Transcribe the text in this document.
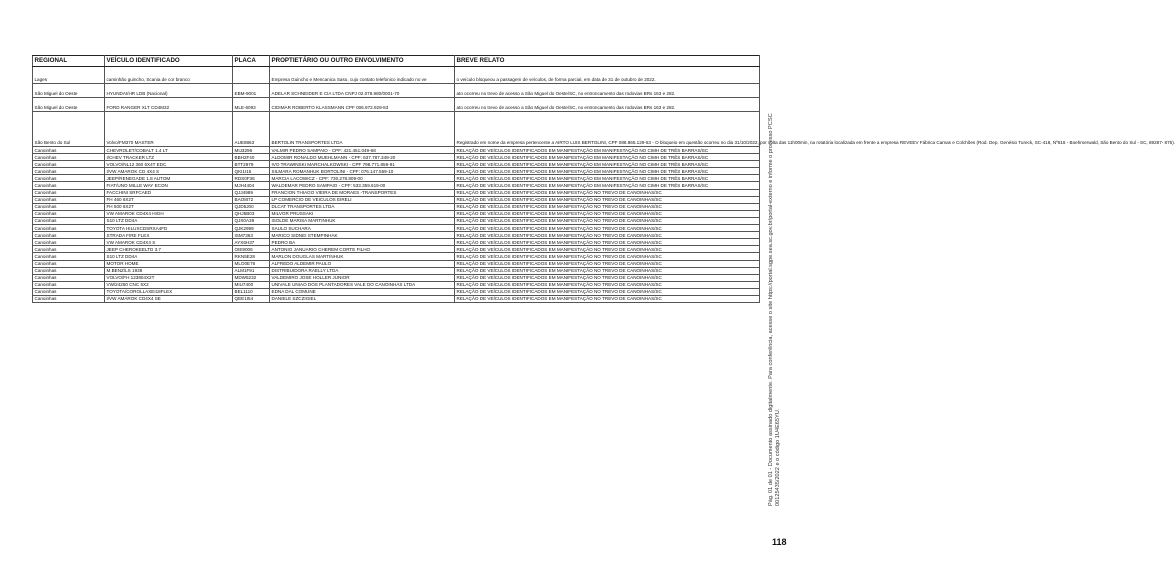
REGIONAL	VEÍCULO IDENTIFICADO	PLACA	PROPTIETÁRIO OU OUTRO ENVOLVIMENTO	BREVE RELATO
Lages	caminhão guincho, Scania de cor branco		Empresa Guincho e Mencanica Saso, cujo contato telefonico indicado no ve	o veículo bloqueou a passagem de veículos, de forma parcial, em data de 31 de outubro de 2022.
São Miguel do Oeste	HYUNDAI/HR LDB (Nacional)	EBM-9001	ADELAR SCHNEIDER E CIA LTDA CNPJ 02.078.980/0001-70	ato ocorreu no trevo de acesso a São Miguel do Oeste/SC, no entroncamento das rodovias BRs 163 e 282.
São Miguel do Oeste	FORD RANGER XLT CD4M32	MLE-6093	CIDIMAR ROBERTO KLASSMANN CPF 006.972.929-83	ato ocorreu no trevo de acesso a São Miguel do Oeste/SC, no entroncamento das rodovias BRs 163 e 282.
São Bento do Sul	Volvo/FM370 MASTER	AUE8863	BERTOLIN TRANSPORTES LTDA	Registrado em nome da empresa pertencente a AIRTO LUIS BERTOLINI, CPF 088.865.129-53 - O bloqueio em questão ocorreu no dia 31/10/2022, por volta das 11h00min, na rotatória localizada em frente a empresa REVEEV Fábrica Camas e Colchões (Rod. Dep. Genésio Tureck, SC-418, Nº816 - Boehmerwald, São Bento do Sul - SC, 89287- 875).
Canoinhas	CHEVROLET/COBALT 1.4 LT	MIJ3296	VALMIR PEDRO SAMPAIO - CPF: 421.451.049-68	RELAÇÃO DE VEÍCULOS IDENTIFICADOS EM MANIFESTAÇÃO EM MANIFESTAÇÃO NO CIMH DE TRÊS BARRAS/SC
Canoinhas	I/CHEV TRACKER LTZ	BBH2F40	ALDOMIR RONALDO MUEHLMANN - CPF: 637.787.349-20	RELAÇÃO DE VEÍCULOS IDENTIFICADOS EM MANIFESTAÇÃO EM MANIFESTAÇÃO NO CIMH DE TRÊS BARRAS/SC
Canoinhas	VOLVO/NL12 360 6X4T EDC	BTT2979	IVO TRAWINSKI MARCHALKOWSKI - CPF 798.771.859-91	RELAÇÃO DE VEÍCULOS IDENTIFICADOS EM MANIFESTAÇÃO EM MANIFESTAÇÃO NO CIMH DE TRÊS BARRAS/SC
Canoinhas	I/VW AMAROK CD 4X4 S	QKI1I15	SILMARA ROMANHUK BORTOLINI - CPF: 076.147.559-10	RELAÇÃO DE VEÍCULOS IDENTIFICADOS EM MANIFESTAÇÃO EM MANIFESTAÇÃO NO CIMH DE TRÊS BARRAS/SC
Canoinhas	JEEP/RENEGADE 1.8 AUTOM	RDS0F36	MARCIA LACOWICZ - CPF: 730.278.809-00	RELAÇÃO DE VEÍCULOS IDENTIFICADOS EM MANIFESTAÇÃO EM MANIFESTAÇÃO NO CIMH DE TRÊS BARRAS/SC
Canoinhas	FIAT/UNO MILLE WAY ECON	MJH4404	WALDEMAR PEDRO SAMPAIO - CPF: 533.359.619-00	RELAÇÃO DE VEÍCULOS IDENTIFICADOS EM MANIFESTAÇÃO EM MANIFESTAÇÃO NO CIMH DE TRÊS BARRAS/SC
Canoinhas	FACCHINI SRFCAED	QJJ4989	FRANCION THIAGO VIEIRA DE MORAES -TRANSPORTES	RELAÇÃO DE VEÍCULOS IDENTIFICADOS EM MANIFESTAÇÃO NO TREVO DE CANOINHAS/SC
Canoinhas	FH 460 6X2T	BAO8I72	LP COMERCIO DE VEICULOS EIRELI	RELAÇÃO DE VEÍCULOS IDENTIFICADOS EM MANIFESTAÇÃO NO TREVO DE CANOINHAS/SC
Canoinhas	FH 500 6X2T	QJD5J00	DLCAT TRANSPORTES LTDA	RELAÇÃO DE VEÍCULOS IDENTIFICADOS EM MANIFESTAÇÃO NO TREVO DE CANOINHAS/SC
Canoinhas	VW AMAROK CD4X4 HIGH	QHJ5B03	MILVOR PRUSSAKI	RELAÇÃO DE VEÍCULOS IDENTIFICADOS EM MANIFESTAÇÃO NO TREVO DE CANOINHAS/SC
Canoinhas	S10 LTZ DD4A	QJX0A39	ISOLDE MARISA MARTINHUK	RELAÇÃO DE VEÍCULOS IDENTIFICADOS EM MANIFESTAÇÃO NO TREVO DE CANOINHAS/SC
Canoinhas	TOYOTA HILUXCDSRXA4FD	QJK2999	SAULO SUCHARA	RELAÇÃO DE VEÍCULOS IDENTIFICADOS EM MANIFESTAÇÃO NO TREVO DE CANOINHAS/SC
Canoinhas	STRADA FIRE FLEX	ISM7363	MARICO SIDNEI STEMPINHAK	RELAÇÃO DE VEÍCULOS IDENTIFICADOS EM MANIFESTAÇÃO NO TREVO DE CANOINHAS/SC
Canoinhas	VW AMAROK CD4X4 S	AYX6H37	PEDRO BA	RELAÇÃO DE VEÍCULOS IDENTIFICADOS EM MANIFESTAÇÃO NO TREVO DE CANOINHAS/SC
Canoinhas	JEEP CHEROKEELTD 3.7	OIE9006	ANTONIO JANUARIO CHEREM CORTE FILHO	RELAÇÃO DE VEÍCULOS IDENTIFICADOS EM MANIFESTAÇÃO NO TREVO DE CANOINHAS/SC
Canoinhas	S10 LTZ DD4A	RKN5E28	MARLON DOUGLAS MARTINHUK	RELAÇÃO DE VEÍCULOS IDENTIFICADOS EM MANIFESTAÇÃO NO TREVO DE CANOINHAS/SC
Canoinhas	MOTOR HOME	MLO0E76	ALFREDO ALDEMIR PAULO	RELAÇÃO DE VEÍCULOS IDENTIFICADOS EM MANIFESTAÇÃO NO TREVO DE CANOINHAS/SC
Canoinhas	M.BENZ/LS 1938	ALM1F91	DISTRIBUIDORA RAELLY LTDA	RELAÇÃO DE VEÍCULOS IDENTIFICADOS EM MANIFESTAÇÃO NO TREVO DE CANOINHAS/SC
Canoinhas	VOLVO/FH 123804X2T	MDW5232	VALDEMIRO JOSE HOLLER JUNIOR	RELAÇÃO DE VEÍCULOS IDENTIFICADOS EM MANIFESTAÇÃO NO TREVO DE CANOINHAS/SC
Canoinhas	VW/24250 CNC 6X2	MIU7400	UNIVALE UNIAO DOS PLANTADORES VALE DO CANOINHAS LTDA	RELAÇÃO DE VEÍCULOS IDENTIFICADOS EM MANIFESTAÇÃO NO TREVO DE CANOINHAS/SC
Canoinhas	TOYOTA/COROLLAXEI18FLEX	BEL1110	EDNA DAL COMUNE	RELAÇÃO DE VEÍCULOS IDENTIFICADOS EM MANIFESTAÇÃO NO TREVO DE CANOINHAS/SC
Canoinhas	I/VW AMAROK CD4X4 SE	QEE1I54	DANIELE SZCZIGIEL	RELAÇÃO DE VEÍCULOS IDENTIFICADOS EM MANIFESTAÇÃO NO TREVO DE CANOINHAS/SC	Pág. 01 de 01 - Documento assinado digitalmente. Para conferência, acesse o site https://portal.sgpe.sea.sc.gov.br/portal-externo e informe o processo PCSC 00125435/2022 e o código 1U4E65YU.
118
